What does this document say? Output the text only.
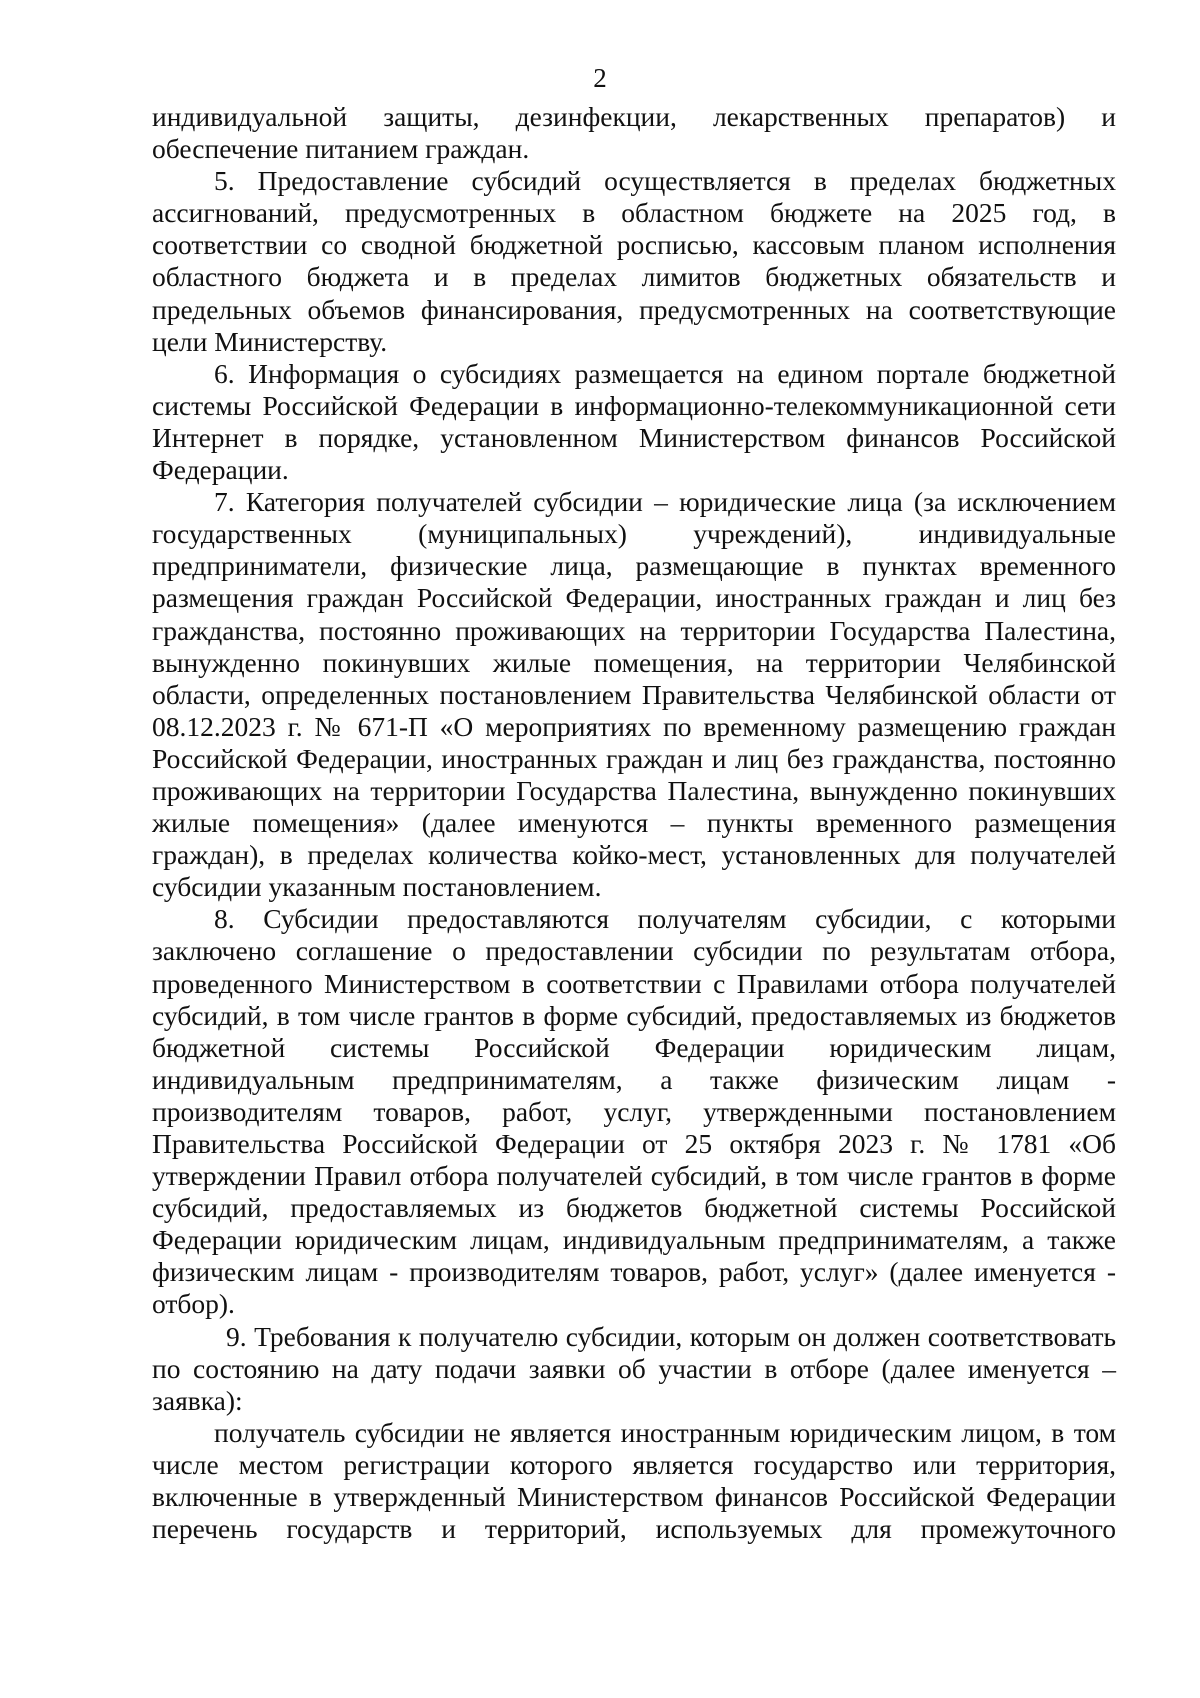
2

индивидуальной защиты, дезинфекции, лекарственных препаратов) и обеспечение питанием граждан.

5. Предоставление субсидий осуществляется в пределах бюджетных ассигнований, предусмотренных в областном бюджете на 2025 год, в соответствии со сводной бюджетной росписью, кассовым планом исполнения областного бюджета и в пределах лимитов бюджетных обязательств и предельных объемов финансирования, предусмотренных на соответствующие цели Министерству.

6. Информация о субсидиях размещается на едином портале бюджетной системы Российской Федерации в информационно-телекоммуникационной сети Интернет в порядке, установленном Министерством финансов Российской Федерации.

7. Категория получателей субсидии – юридические лица (за исключением государственных (муниципальных) учреждений), индивидуальные предприниматели, физические лица, размещающие в пунктах временного размещения граждан Российской Федерации, иностранных граждан и лиц без гражданства, постоянно проживающих на территории Государства Палестина, вынужденно покинувших жилые помещения, на территории Челябинской области, определенных постановлением Правительства Челябинской области от 08.12.2023 г. № 671-П «О мероприятиях по временному размещению граждан Российской Федерации, иностранных граждан и лиц без гражданства, постоянно проживающих на территории Государства Палестина, вынужденно покинувших жилые помещения» (далее именуются – пункты временного размещения граждан), в пределах количества койко-мест, установленных для получателей субсидии указанным постановлением.

8. Субсидии предоставляются получателям субсидии, с которыми заключено соглашение о предоставлении субсидии по результатам отбора, проведенного Министерством в соответствии с Правилами отбора получателей субсидий, в том числе грантов в форме субсидий, предоставляемых из бюджетов бюджетной системы Российской Федерации юридическим лицам, индивидуальным предпринимателям, а также физическим лицам - производителям товаров, работ, услуг, утвержденными постановлением Правительства Российской Федерации от 25 октября 2023 г. № 1781 «Об утверждении Правил отбора получателей субсидий, в том числе грантов в форме субсидий, предоставляемых из бюджетов бюджетной системы Российской Федерации юридическим лицам, индивидуальным предпринимателям, а также физическим лицам - производителям товаров, работ, услуг» (далее именуется - отбор).

9. Требования к получателю субсидии, которым он должен соответствовать по состоянию на дату подачи заявки об участии в отборе (далее именуется – заявка):

получатель субсидии не является иностранным юридическим лицом, в том числе местом регистрации которого является государство или территория, включенные в утвержденный Министерством финансов Российской Федерации перечень государств и территорий, используемых для промежуточного
